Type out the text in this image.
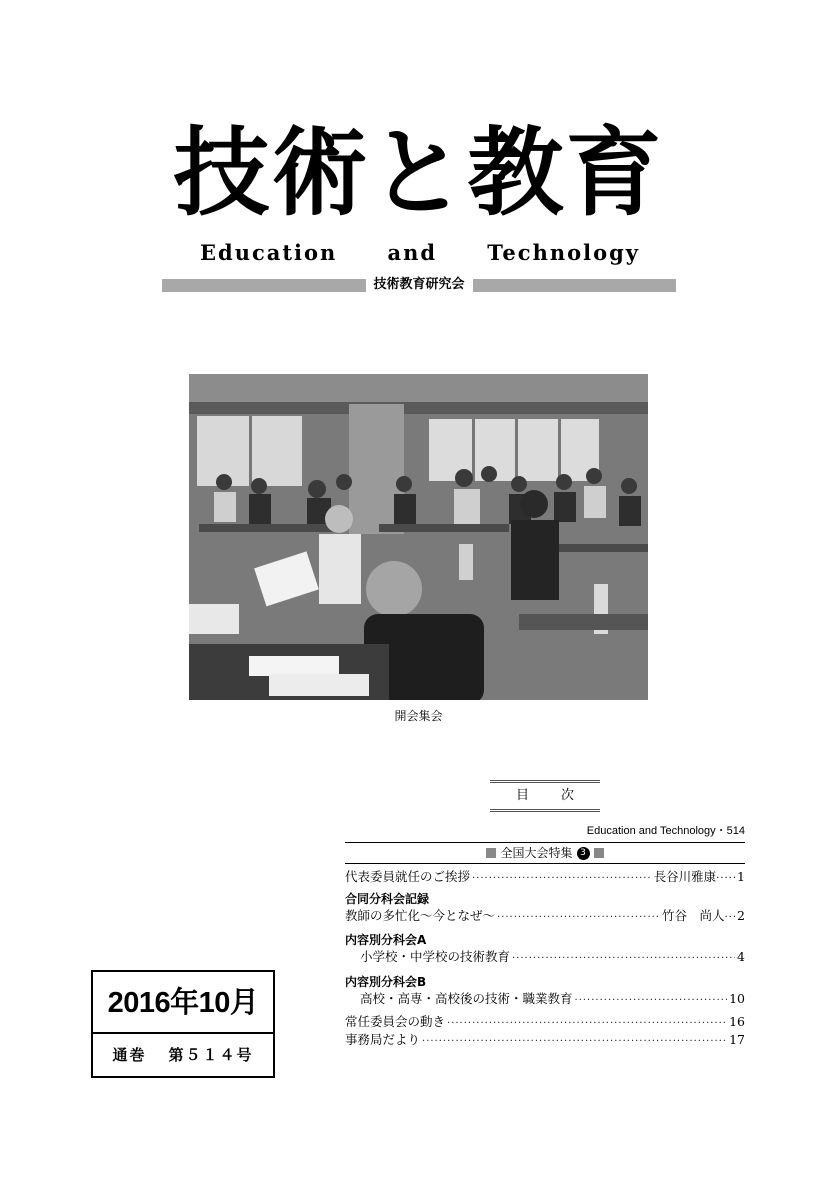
技術と教育
Education and Technology
技術教育研究会
開会集会
目 次
Education and Technology・514
全国大会特集 3
代表委員就任のご挨拶 ·····	長谷川雅康 ····· 1
合同分科会記録
教師の多忙化～今となぜ～ ·····	竹谷　尚人 ··· 2
内容別分科会A
小学校・中学校の技術教育 ·····	4
内容別分科会B
高校・高専・高校後の技術・職業教育 ·····	10
常任委員会の動き ·····	16
事務局だより ·····	17
2016年10月
通巻 第５１４号
